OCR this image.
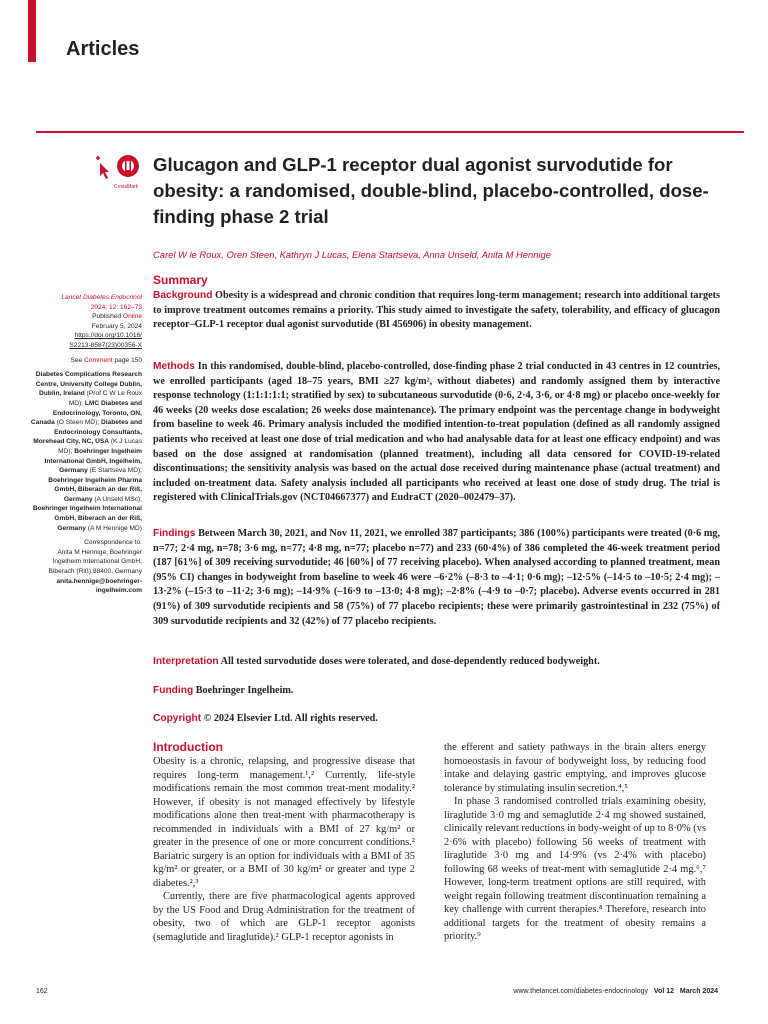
Articles
CrossMark
Glucagon and GLP-1 receptor dual agonist survodutide for obesity: a randomised, double-blind, placebo-controlled, dose-finding phase 2 trial
Carel W le Roux, Oren Steen, Kathryn J Lucas, Elena Startseva, Anna Unseld, Anita M Hennige
Summary

Background Obesity is a widespread and chronic condition that requires long-term management; research into additional targets to improve treatment outcomes remains a priority. This study aimed to investigate the safety, tolerability, and efficacy of glucagon receptor–GLP-1 receptor dual agonist survodutide (BI 456906) in obesity management.

Methods In this randomised, double-blind, placebo-controlled, dose-finding phase 2 trial conducted in 43 centres in 12 countries, we enrolled participants (aged 18–75 years, BMI ≥27 kg/m², without diabetes) and randomly assigned them by interactive response technology (1:1:1:1:1; stratified by sex) to subcutaneous survodutide (0·6, 2·4, 3·6, or 4·8 mg) or placebo once-weekly for 46 weeks (20 weeks dose escalation; 26 weeks dose maintenance). The primary endpoint was the percentage change in bodyweight from baseline to week 46. Primary analysis included the modified intention-to-treat population (defined as all randomly assigned patients who received at least one dose of trial medication and who had analysable data for at least one efficacy endpoint) and was based on the dose assigned at randomisation (planned treatment), including all data censored for COVID-19-related discontinuations; the sensitivity analysis was based on the actual dose received during maintenance phase (actual treatment) and included on-treatment data. Safety analysis included all participants who received at least one dose of study drug. The trial is registered with ClinicalTrials.gov (NCT04667377) and EudraCT (2020–002479–37).

Findings Between March 30, 2021, and Nov 11, 2021, we enrolled 387 participants; 386 (100%) participants were treated (0·6 mg, n=77; 2·4 mg, n=78; 3·6 mg, n=77; 4·8 mg, n=77; placebo n=77) and 233 (60·4%) of 386 completed the 46-week treatment period (187 [61%] of 309 receiving survodutide; 46 [60%] of 77 receiving placebo). When analysed according to planned treatment, mean (95% CI) changes in bodyweight from baseline to week 46 were –6·2% (–8·3 to –4·1; 0·6 mg); –12·5% (–14·5 to –10·5; 2·4 mg); –13·2% (–15·3 to –11·2; 3·6 mg); –14·9% (–16·9 to –13·0; 4·8 mg); –2·8% (–4·9 to –0·7; placebo). Adverse events occurred in 281 (91%) of 309 survodutide recipients and 58 (75%) of 77 placebo recipients; these were primarily gastrointestinal in 232 (75%) of 309 survodutide recipients and 32 (42%) of 77 placebo recipients.

Interpretation All tested survodutide doses were tolerated, and dose-dependently reduced bodyweight.

Funding Boehringer Ingelheim.

Copyright © 2024 Elsevier Ltd. All rights reserved.

Lancet Diabetes Endocrinol
2024; 12: 162–73
Published Online
February 5, 2024
https://doi.org/10.1016/
S2213-8587(23)00356-X
See Comment page 150
Diabetes Complications Research Centre, University College Dublin, Dublin, Ireland (Prof C W Le Roux MD); LMC Diabetes and Endocrinology, Toronto, ON, Canada (O Steen MD); Diabetes and Endocrinology Consultants, Morehead City, NC, USA (K J Lucas MD); Boehringer Ingelheim International GmbH, Ingelheim, Germany (E Startseva MD); Boehringer Ingelheim Pharma GmbH, Biberach an der Riß, Germany (A Unseld MSc); Boehringer Ingelheim International GmbH, Biberach an der Riß, Germany (A M Hennige MD)
Correspondence to:
Anita M Hennige, Boehringer Ingelheim International GmbH, Biberach (Riß) 88400, Germany
anita.hennige@boehringer-ingelheim.com
Introduction

Obesity is a chronic, relapsing, and progressive disease that requires long-term management.¹,² Currently, life-style modifications remain the most common treat-ment modality.² However, if obesity is not managed effectively by lifestyle modifications alone then treat-ment with pharmacotherapy is recommended in individuals with a BMI of 27 kg/m² or greater in the presence of one or more concurrent conditions.² Bariatric surgery is an option for individuals with a BMI of 35 kg/m² or greater, or a BMI of 30 kg/m² or greater and type 2 diabetes.²,³

Currently, there are five pharmacological agents approved by the US Food and Drug Administration for the treatment of obesity, two of which are GLP-1 receptor agonists (semaglutide and liraglutide).² GLP-1 receptor agonists in

the efferent and satiety pathways in the brain alters energy homoeostasis in favour of bodyweight loss, by reducing food intake and delaying gastric emptying, and improves glucose tolerance by stimulating insulin secretion.⁴,⁵

In phase 3 randomised controlled trials examining obesity, liraglutide 3·0 mg and semaglutide 2·4 mg showed sustained, clinically relevant reductions in body-weight of up to 8·0% (vs 2·6% with placebo) following 56 weeks of treatment with liraglutide 3·0 mg and 14·9% (vs 2·4% with placebo) following 68 weeks of treat-ment with semaglutide 2·4 mg.⁶,⁷ However, long-term treatment options are still required, with weight regain following treatment discontinuation remaining a key challenge with current therapies.⁸ Therefore, research into additional targets for the treatment of obesity remains a priority.⁹

162	www.thelancet.com/diabetes-endocrinology Vol 12 March 2024
